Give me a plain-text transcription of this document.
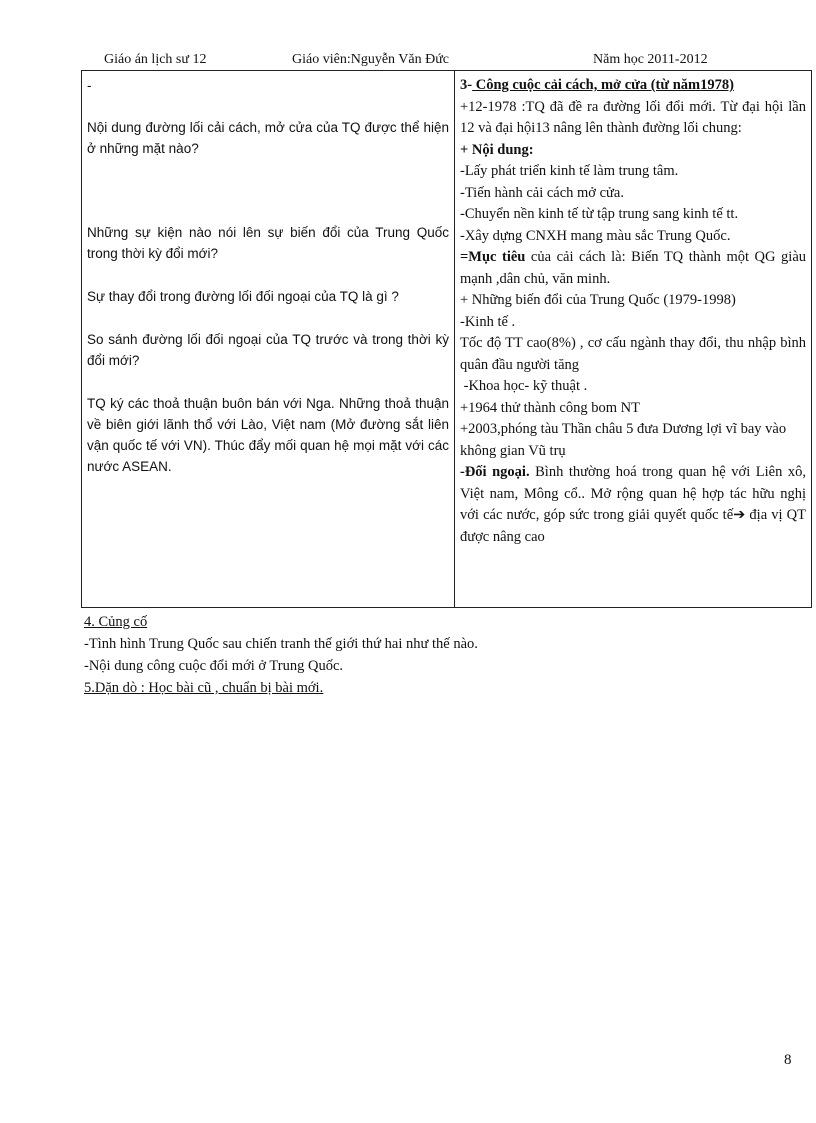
Giáo án lịch sư 12	Giáo viên:Nguyễn Văn Đức	Năm học 2011-2012

-

Nội dung đường lối cải cách, mở cửa của TQ được thể hiện ở những mặt nào?

Những sự kiện nào nói lên sự biến đổi của Trung Quốc trong thời kỳ đổi mới?

Sự thay đổi trong đường lối đối ngoại của TQ là gì ?

So sánh đường lối đối ngoại của TQ trước và trong thời kỳ đổi mới?

TQ ký các thoả thuận buôn bán với Nga. Những thoả thuận về biên giới lãnh thổ với Lào, Việt nam (Mở đường sắt liên vận quốc tế với VN). Thúc đẩy mối quan hệ mọi mặt với các nước ASEAN.

3- Công cuộc cải cách, mở cửa (từ năm1978)

+12-1978 :TQ đã đề ra đường lối đổi mới. Từ đại hội lần 12 và đại hội13 nâng lên thành đường lối chung:

+ Nội dung:

-Lấy phát triển kinh tế làm trung tâm.

-Tiến hành cải cách mở cửa.

-Chuyển nền kinh tế từ tập trung sang kinh tế tt.

-Xây dựng CNXH mang màu sắc Trung Quốc.

=Mục tiêu của cải cách là: Biến TQ thành một QG giàu mạnh ,dân chủ, văn minh.

+ Những biến đổi của Trung Quốc (1979-1998)

-Kinh tế .

Tốc độ TT cao(8%) , cơ cấu ngành thay đổi, thu nhập bình quân đầu người tăng

-Khoa học- kỹ thuật .

+1964 thử thành công bom NT

+2003,phóng tàu Thần châu 5 đưa Dương lợi vĩ bay vào không gian Vũ trụ

-Đối ngoại. Bình thường hoá trong quan hệ với Liên xô, Việt nam, Mông cổ.. Mở rộng quan hệ hợp tác hữu nghị với các nước, góp sức trong giải quyết quốc tế➔ địa vị QT được nâng cao

4. Củng cố

-Tình hình Trung Quốc sau chiến tranh thế giới thứ hai như thế nào.

-Nội dung công cuộc đổi mới ở Trung Quốc.

5.Dặn dò : Học bài cũ , chuẩn bị bài mới.

8
